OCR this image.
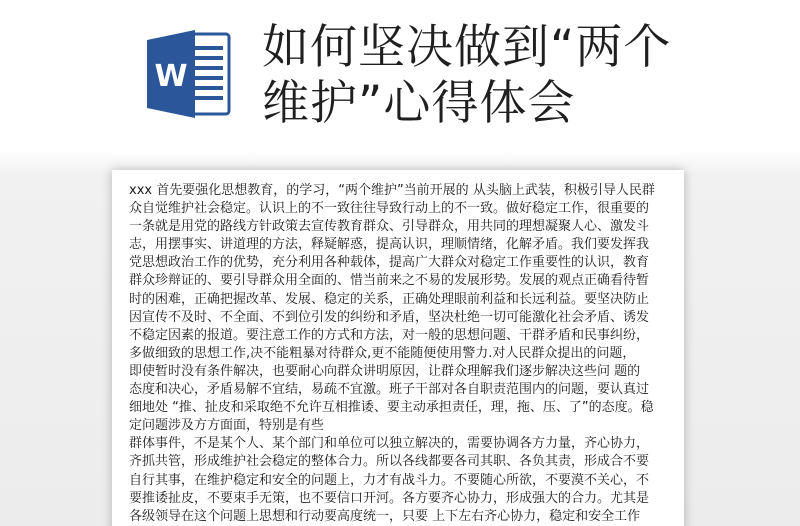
W
如何坚决做到“两个
维护”心得体会

xxx 首先要强化思想教育，的学习，“两个维护”当前开展的 从头脑上武装，积极引导人民群

众自觉维护社会稳定。认识上的不一致往往导致行动上的不一致。做好稳定工作，很重要的

一条就是用党的路线方针政策去宣传教育群众、引导群众，用共同的理想凝聚人心、激发斗

志，用摆事实、讲道理的方法，释疑解惑，提高认识，理顺情绪，化解矛盾。我们要发挥我

党思想政治工作的优势，充分利用各种载体，提高广大群众对稳定工作重要性的认识，教育

群众珍辩证的、要引导群众用全面的、惜当前来之不易的发展形势。发展的观点正确看待暂

时的困难，正确把握改革、发展、稳定的关系，正确处理眼前利益和长远利益。要坚决防止

因宣传不及时、不全面、不到位引发的纠纷和矛盾，坚决杜绝一切可能激化社会矛盾、诱发

不稳定因素的报道。要注意工作的方式和方法，对一般的思想问题、干群矛盾和民事纠纷，

多做细致的思想工作,决不能粗暴对待群众,更不能随便使用警力.对人民群众提出的问题，

即使暂时没有条件解决，也要耐心向群众讲明原因，让群众理解我们逐步解决这些问 题的

态度和决心，矛盾易解不宜结，易疏不宜激。班子干部对各自职责范围内的问题，要认真过

细地处 “推、扯皮和采取绝不允许互相推诿、要主动承担责任，理，拖、压、了”的态度。稳

定问题涉及方方面面，特别是有些

群体事件，不是某个人、某个部门和单位可以独立解决的，需要协调各方力量，齐心协力，

齐抓共管，形成维护社会稳定的整体合力。所以各线都要各司其职、各负其责，形成合不要

自行其事，在维护稳定和安全的问题上，力才有战斗力。不要随心所欲，不要漠不关心，不

要推诿扯皮，不要束手无策，也不要信口开河。各方要齐心协力，形成强大的合力。尤其是

各级领导在这个问题上思想和行动要高度统一，只要 上下左右齐心协力，稳定和安全工作
